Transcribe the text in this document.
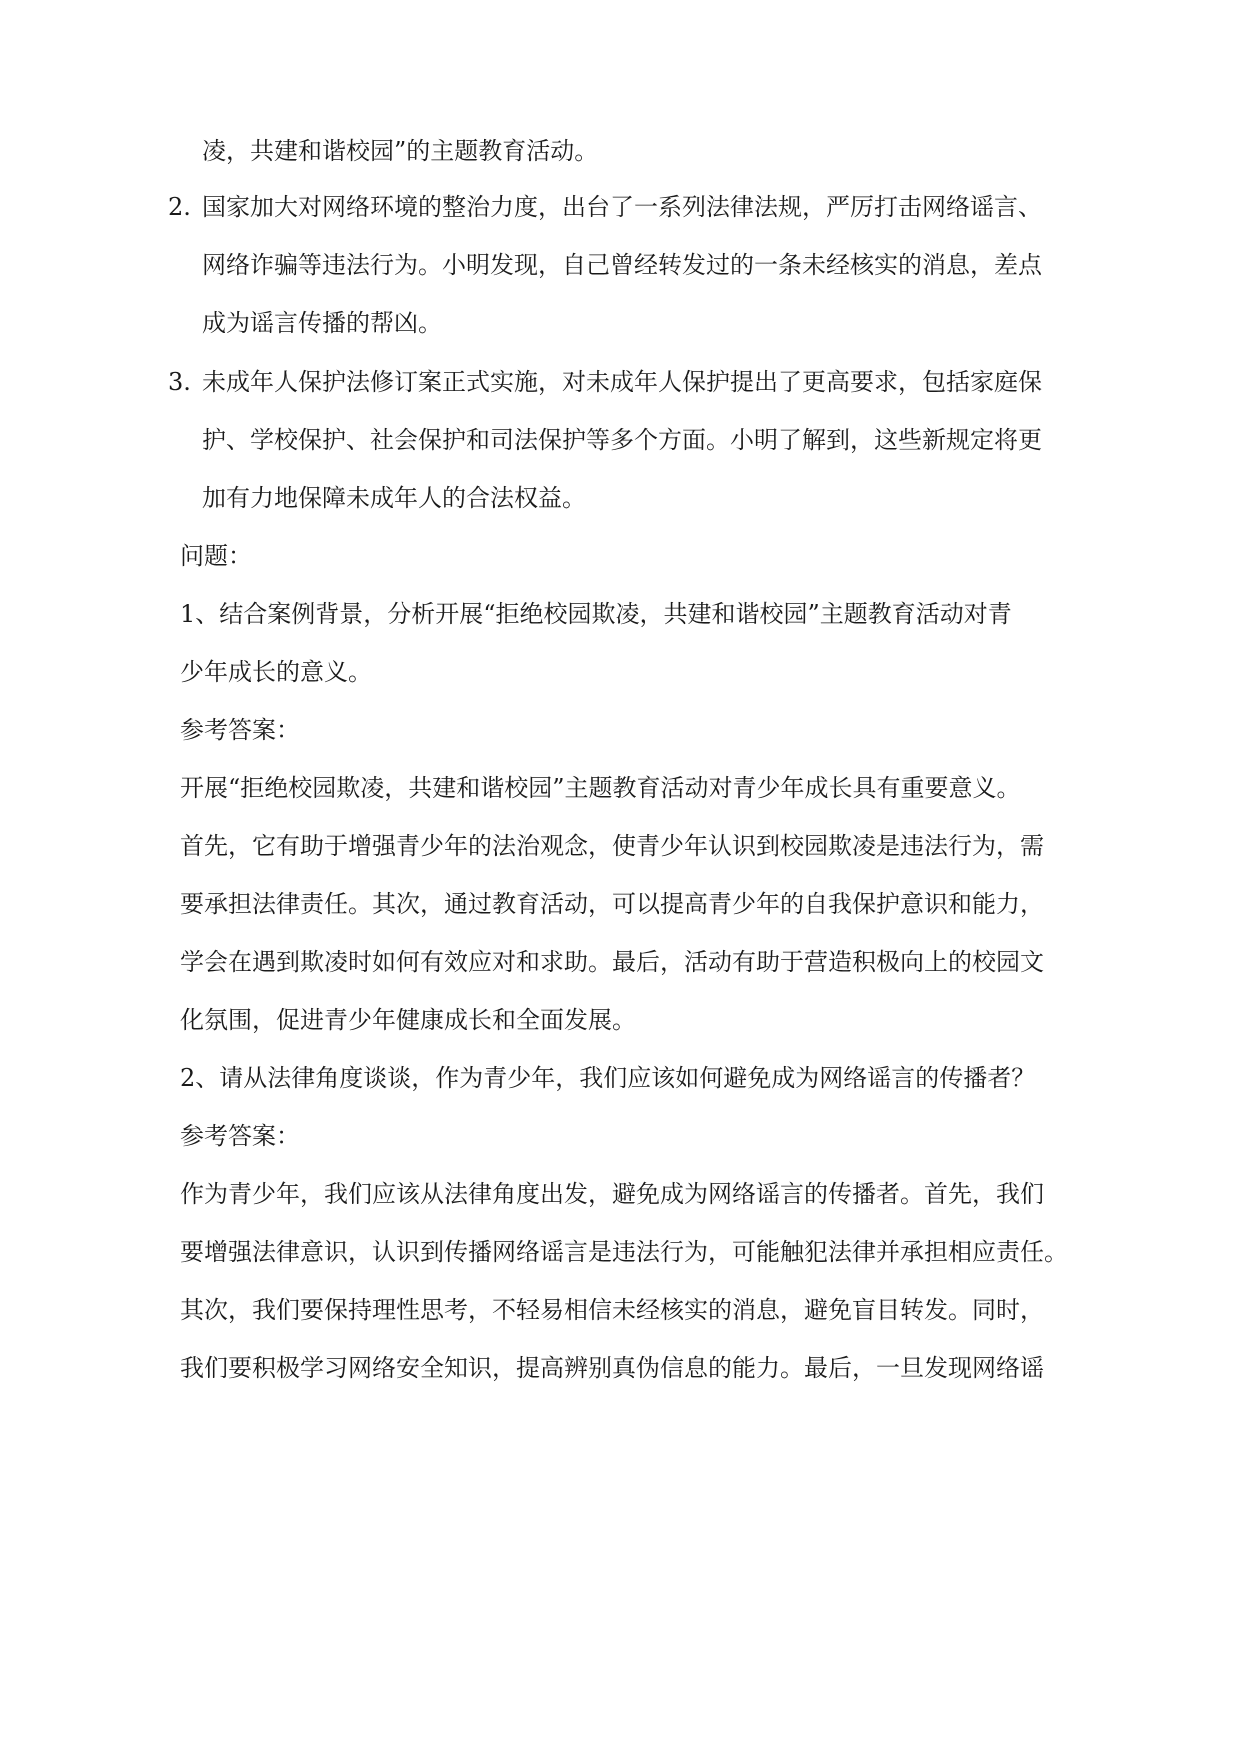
凌，共建和谐校园”的主题教育活动。
2. 国家加大对网络环境的整治力度，出台了一系列法律法规，严厉打击网络谣言、
网络诈骗等违法行为。小明发现，自己曾经转发过的一条未经核实的消息，差点
成为谣言传播的帮凶。
3. 未成年人保护法修订案正式实施，对未成年人保护提出了更高要求，包括家庭保
护、学校保护、社会保护和司法保护等多个方面。小明了解到，这些新规定将更
加有力地保障未成年人的合法权益。
问题：
1、结合案例背景，分析开展“拒绝校园欺凌，共建和谐校园”主题教育活动对青
少年成长的意义。
参考答案：
开展“拒绝校园欺凌，共建和谐校园”主题教育活动对青少年成长具有重要意义。
首先，它有助于增强青少年的法治观念，使青少年认识到校园欺凌是违法行为，需
要承担法律责任。其次，通过教育活动，可以提高青少年的自我保护意识和能力，
学会在遇到欺凌时如何有效应对和求助。最后，活动有助于营造积极向上的校园文
化氛围，促进青少年健康成长和全面发展。
2、请从法律角度谈谈，作为青少年，我们应该如何避免成为网络谣言的传播者？
参考答案：
作为青少年，我们应该从法律角度出发，避免成为网络谣言的传播者。首先，我们
要增强法律意识，认识到传播网络谣言是违法行为，可能触犯法律并承担相应责任。
其次，我们要保持理性思考，不轻易相信未经核实的消息，避免盲目转发。同时，
我们要积极学习网络安全知识，提高辨别真伪信息的能力。最后，一旦发现网络谣
